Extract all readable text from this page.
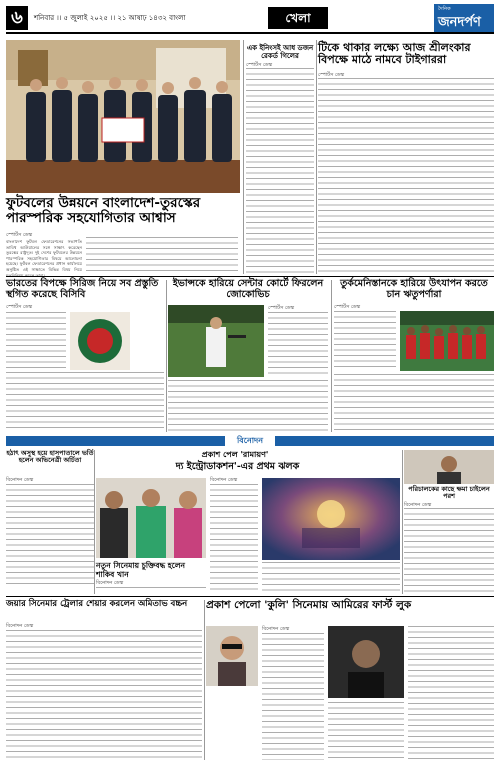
৬	শনিবার ।। ৫ জুলাই ২০২৫ ।। ২১ আষাঢ় ১৪৩২ বাংলা	খেলা
দৈনিক
জনদর্পণ
ফুটবলের উন্নয়নে বাংলাদেশ-তুরস্কের পারস্পরিক সহযোগিতার আশ্বাস
স্পোর্টস ডেস্ক
বাংলাদেশ ফুটবল ফেডারেশনের সভাপতি তাবিথ আউয়ালের সঙ্গে সাক্ষাৎ করেছেন তুরস্কের রাষ্ট্রদূত। দুই দেশের ফুটবলের উন্নয়নে পারস্পরিক সহযোগিতার বিষয়ে আলোচনা হয়েছে। ফুটবল ফেডারেশনের প্রধান কার্যালয়ে অনুষ্ঠিত এই সাক্ষাতে বিভিন্ন বিষয় নিয়ে
এক ইনিংসই আধ ডজন রেকর্ড গিলের
স্পোর্টস ডেস্ক
টিকে থাকার লক্ষ্যে আজ শ্রীলংকার বিপক্ষে মাঠে নামবে টাইগাররা
স্পোর্টস ডেস্ক
ভারতের বিপক্ষে সিরিজ নিয়ে সব প্রস্তুতি স্থগিত করেছে বিসিবি
স্পোর্টস ডেস্ক
ইভান্সকে হারিয়ে সেন্টার কোর্টে ফিরলেন জোকোভিচ
স্পোর্টস ডেস্ক
তুর্কমেনিস্তানকে হারিয়ে উৎযাপন করতে চান ঋতুপর্ণারা
স্পোর্টস ডেস্ক
বিনোদন
হঠাৎ অসুস্থ হয়ে হাসপাতালে ভর্তি হলেন অভিনেত্রী অর্চিতা
বিনোদন ডেস্ক
নতুন সিনেমায় চুক্তিবদ্ধ হলেন শাকিব খান
বিনোদন ডেস্ক
প্রকাশ পেল 'রামায়ণ'
দ্য ইন্ট্রোডাকশন'-এর প্রথম ঝলক
বিনোদন ডেস্ক
পরিচালকের কাছে ক্ষমা চাইলেন পরশ
বিনোদন ডেস্ক
জয়ার সিনেমার ট্রেলার শেয়ার করলেন অমিতাভ বচ্চন
বিনোদন ডেস্ক
প্রকাশ পেলো 'কুলি' সিনেমায় আমিরের ফার্স্ট লুক
বিনোদন ডেস্ক
